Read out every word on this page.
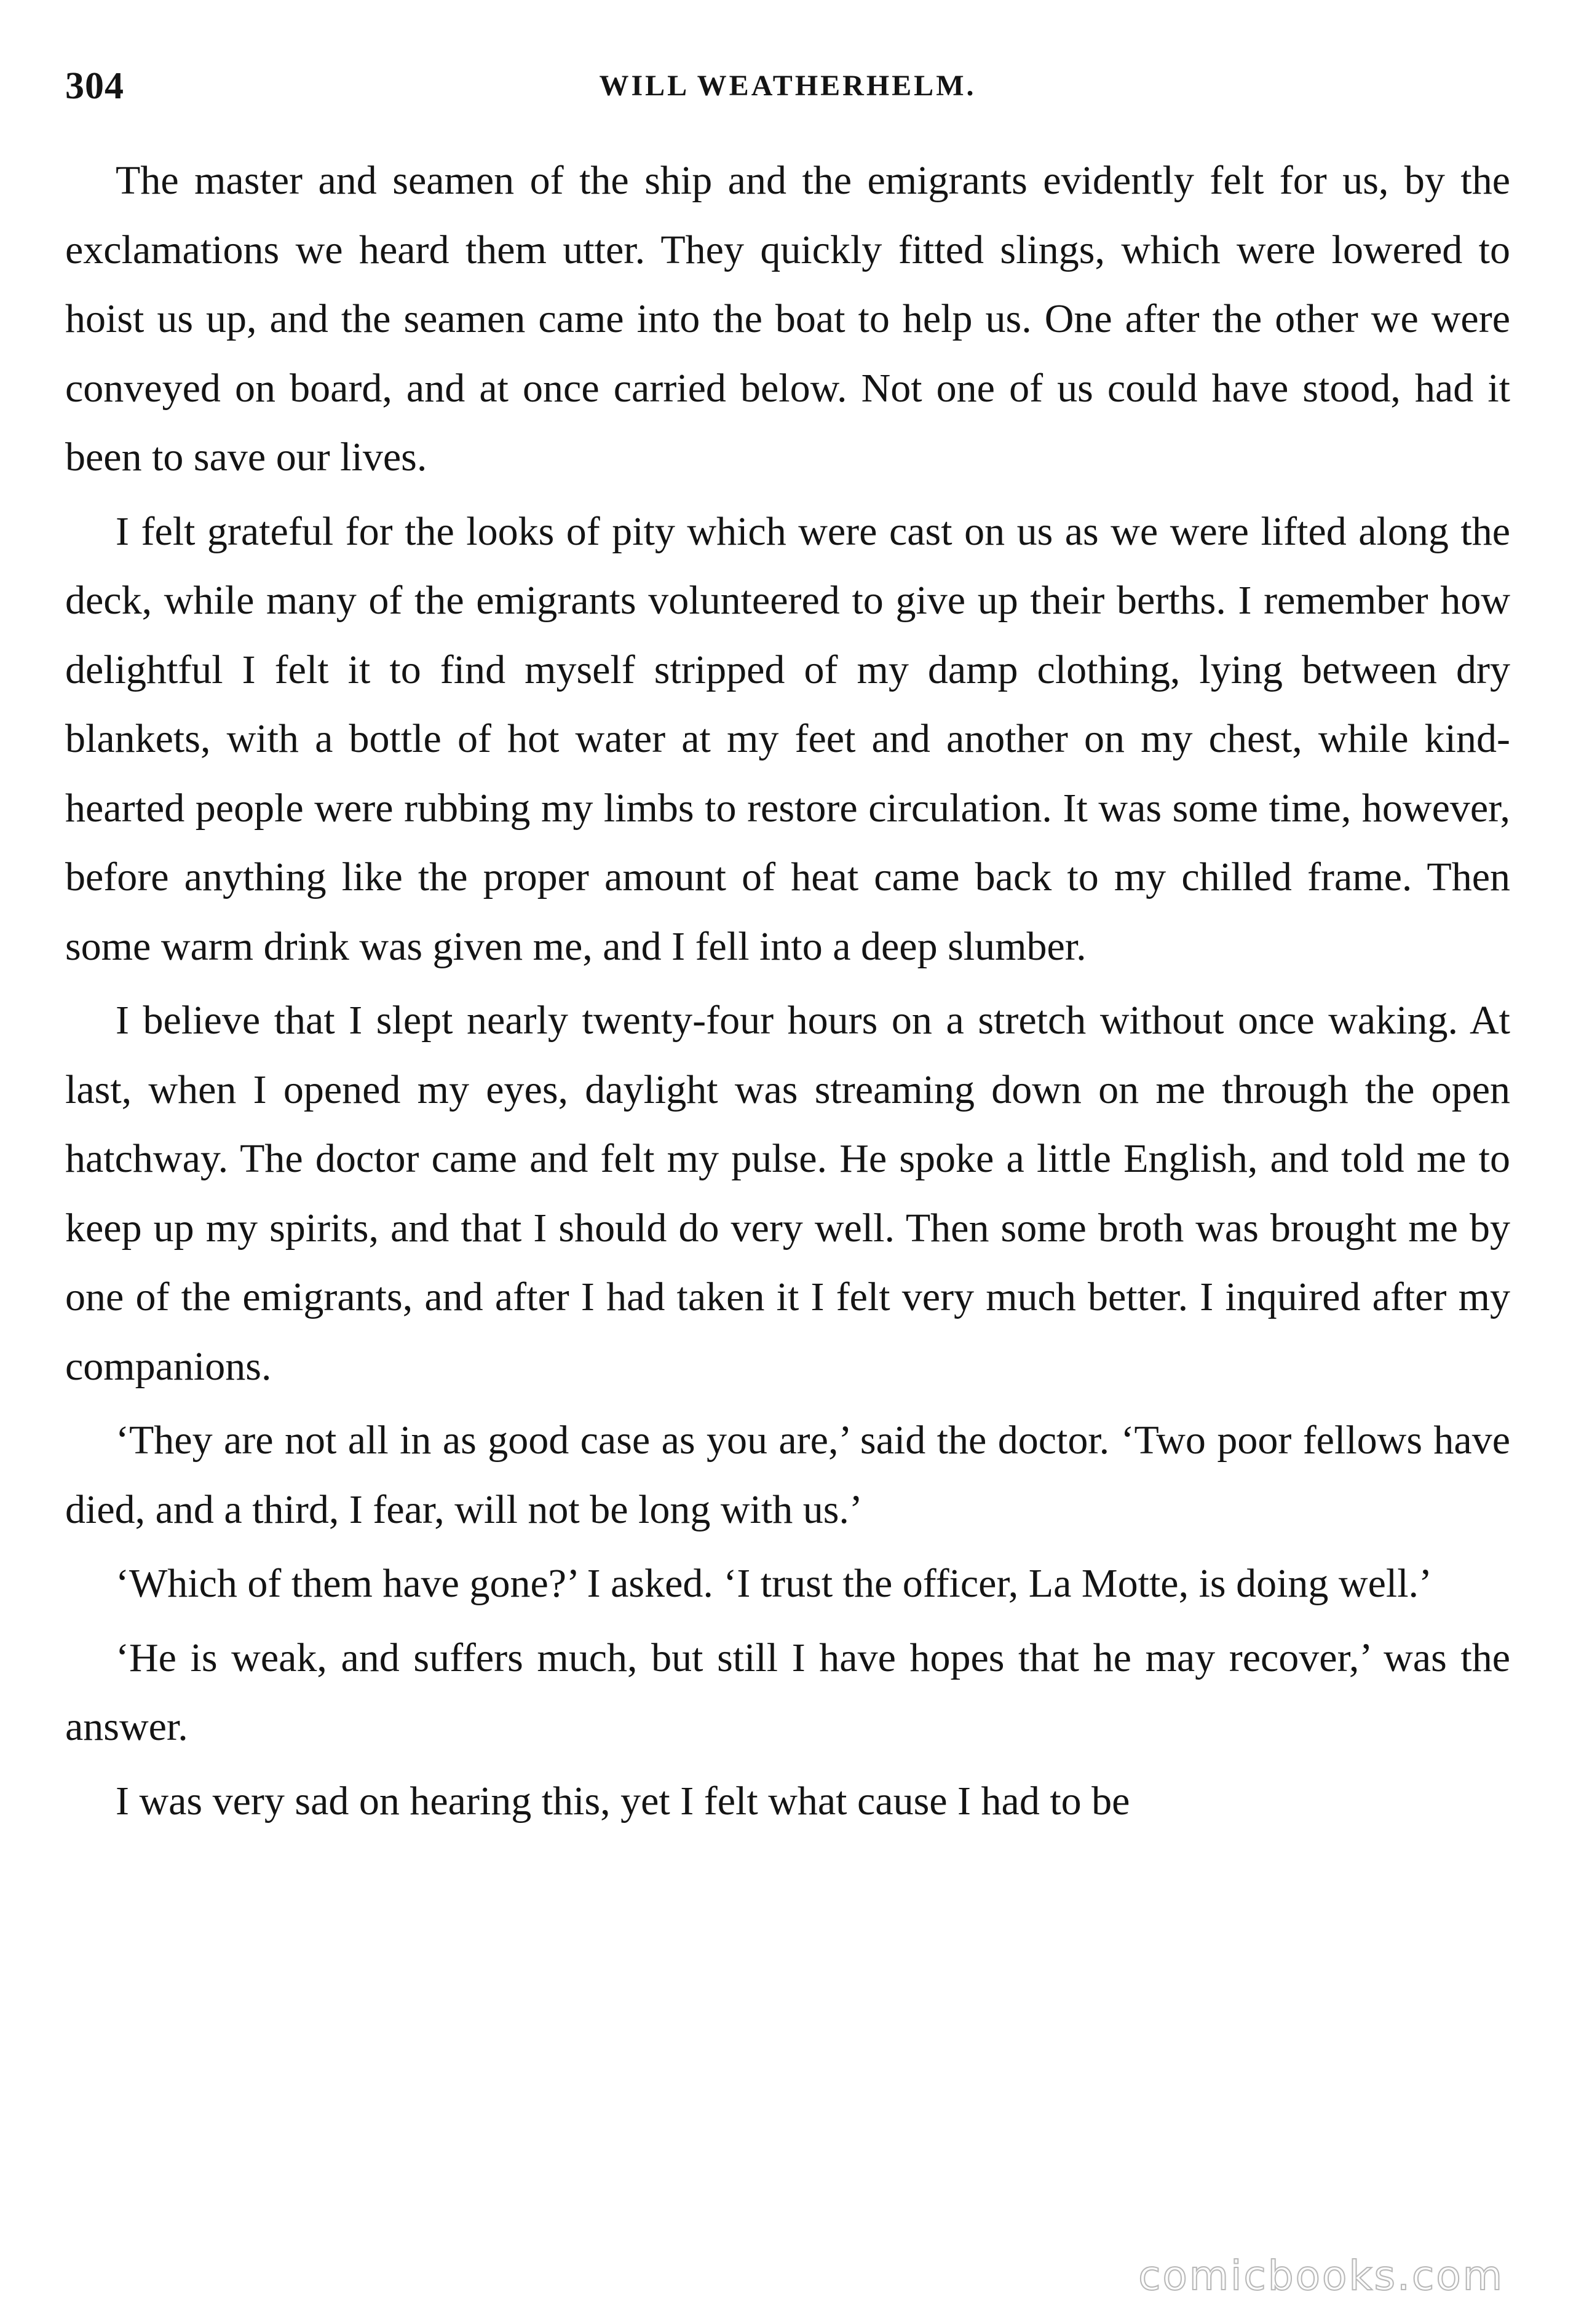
304	WILL WEATHERHELM.

The master and seamen of the ship and the emigrants evidently felt for us, by the exclamations we heard them utter. They quickly fitted slings, which were lowered to hoist us up, and the seamen came into the boat to help us. One after the other we were conveyed on board, and at once carried below. Not one of us could have stood, had it been to save our lives.

I felt grateful for the looks of pity which were cast on us as we were lifted along the deck, while many of the emigrants volunteered to give up their berths. I remember how delightful I felt it to find myself stripped of my damp clothing, lying between dry blankets, with a bottle of hot water at my feet and another on my chest, while kind-hearted people were rubbing my limbs to restore circulation. It was some time, however, before anything like the proper amount of heat came back to my chilled frame. Then some warm drink was given me, and I fell into a deep slumber.

I believe that I slept nearly twenty-four hours on a stretch without once waking. At last, when I opened my eyes, daylight was streaming down on me through the open hatchway. The doctor came and felt my pulse. He spoke a little English, and told me to keep up my spirits, and that I should do very well. Then some broth was brought me by one of the emigrants, and after I had taken it I felt very much better. I inquired after my companions.

‘They are not all in as good case as you are,’ said the doctor. ‘Two poor fellows have died, and a third, I fear, will not be long with us.’

‘Which of them have gone?’ I asked. ‘I trust the officer, La Motte, is doing well.’

‘He is weak, and suffers much, but still I have hopes that he may recover,’ was the answer.

I was very sad on hearing this, yet I felt what cause I had to be

comicbooks.com
